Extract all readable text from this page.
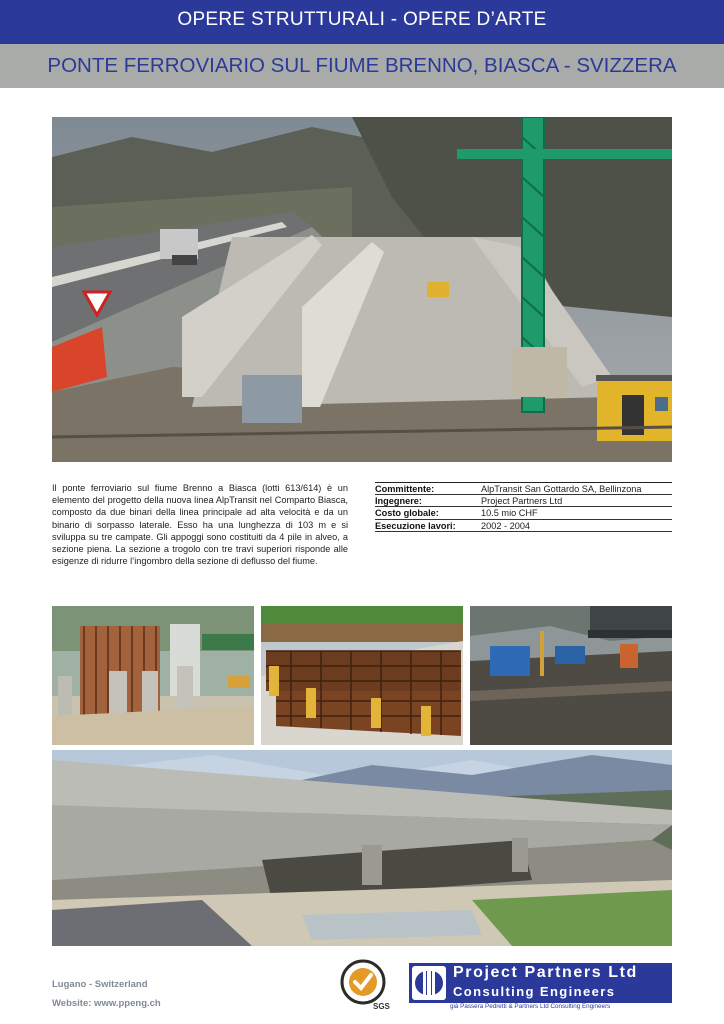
OPERE STRUTTURALI - OPERE D’ARTE
PONTE FERROVIARIO SUL FIUME BRENNO, BIASCA - SVIZZERA
Il ponte ferroviario sul fiume Brenno a Biasca (lotti 613/614) è un elemento del progetto della nuova linea AlpTransit nel Comparto Biasca, composto da due binari della linea principale ad alta velocità e da un binario di sorpasso laterale. Esso ha una lunghezza di 103 m e si sviluppa su tre campate. Gli appoggi sono costituiti da 4 pile in alveo, a sezione piena. La sezione a trogolo con tre travi superiori risponde alle esigenze di ridurre l’ingombro della sezione di deflusso del fiume.
Committente:	AlpTransit San Gottardo SA, Bellinzona
Ingegnere:	Project Partners Ltd
Costo globale:	10.5 mio CHF
Esecuzione lavori:	2002 - 2004
Lugano - Switzerland
Website: www.ppeng.ch	SGS
Project Partners Ltd
Consulting Engineers
già Passera Pedretti & Partners Ltd Consulting Engineers
